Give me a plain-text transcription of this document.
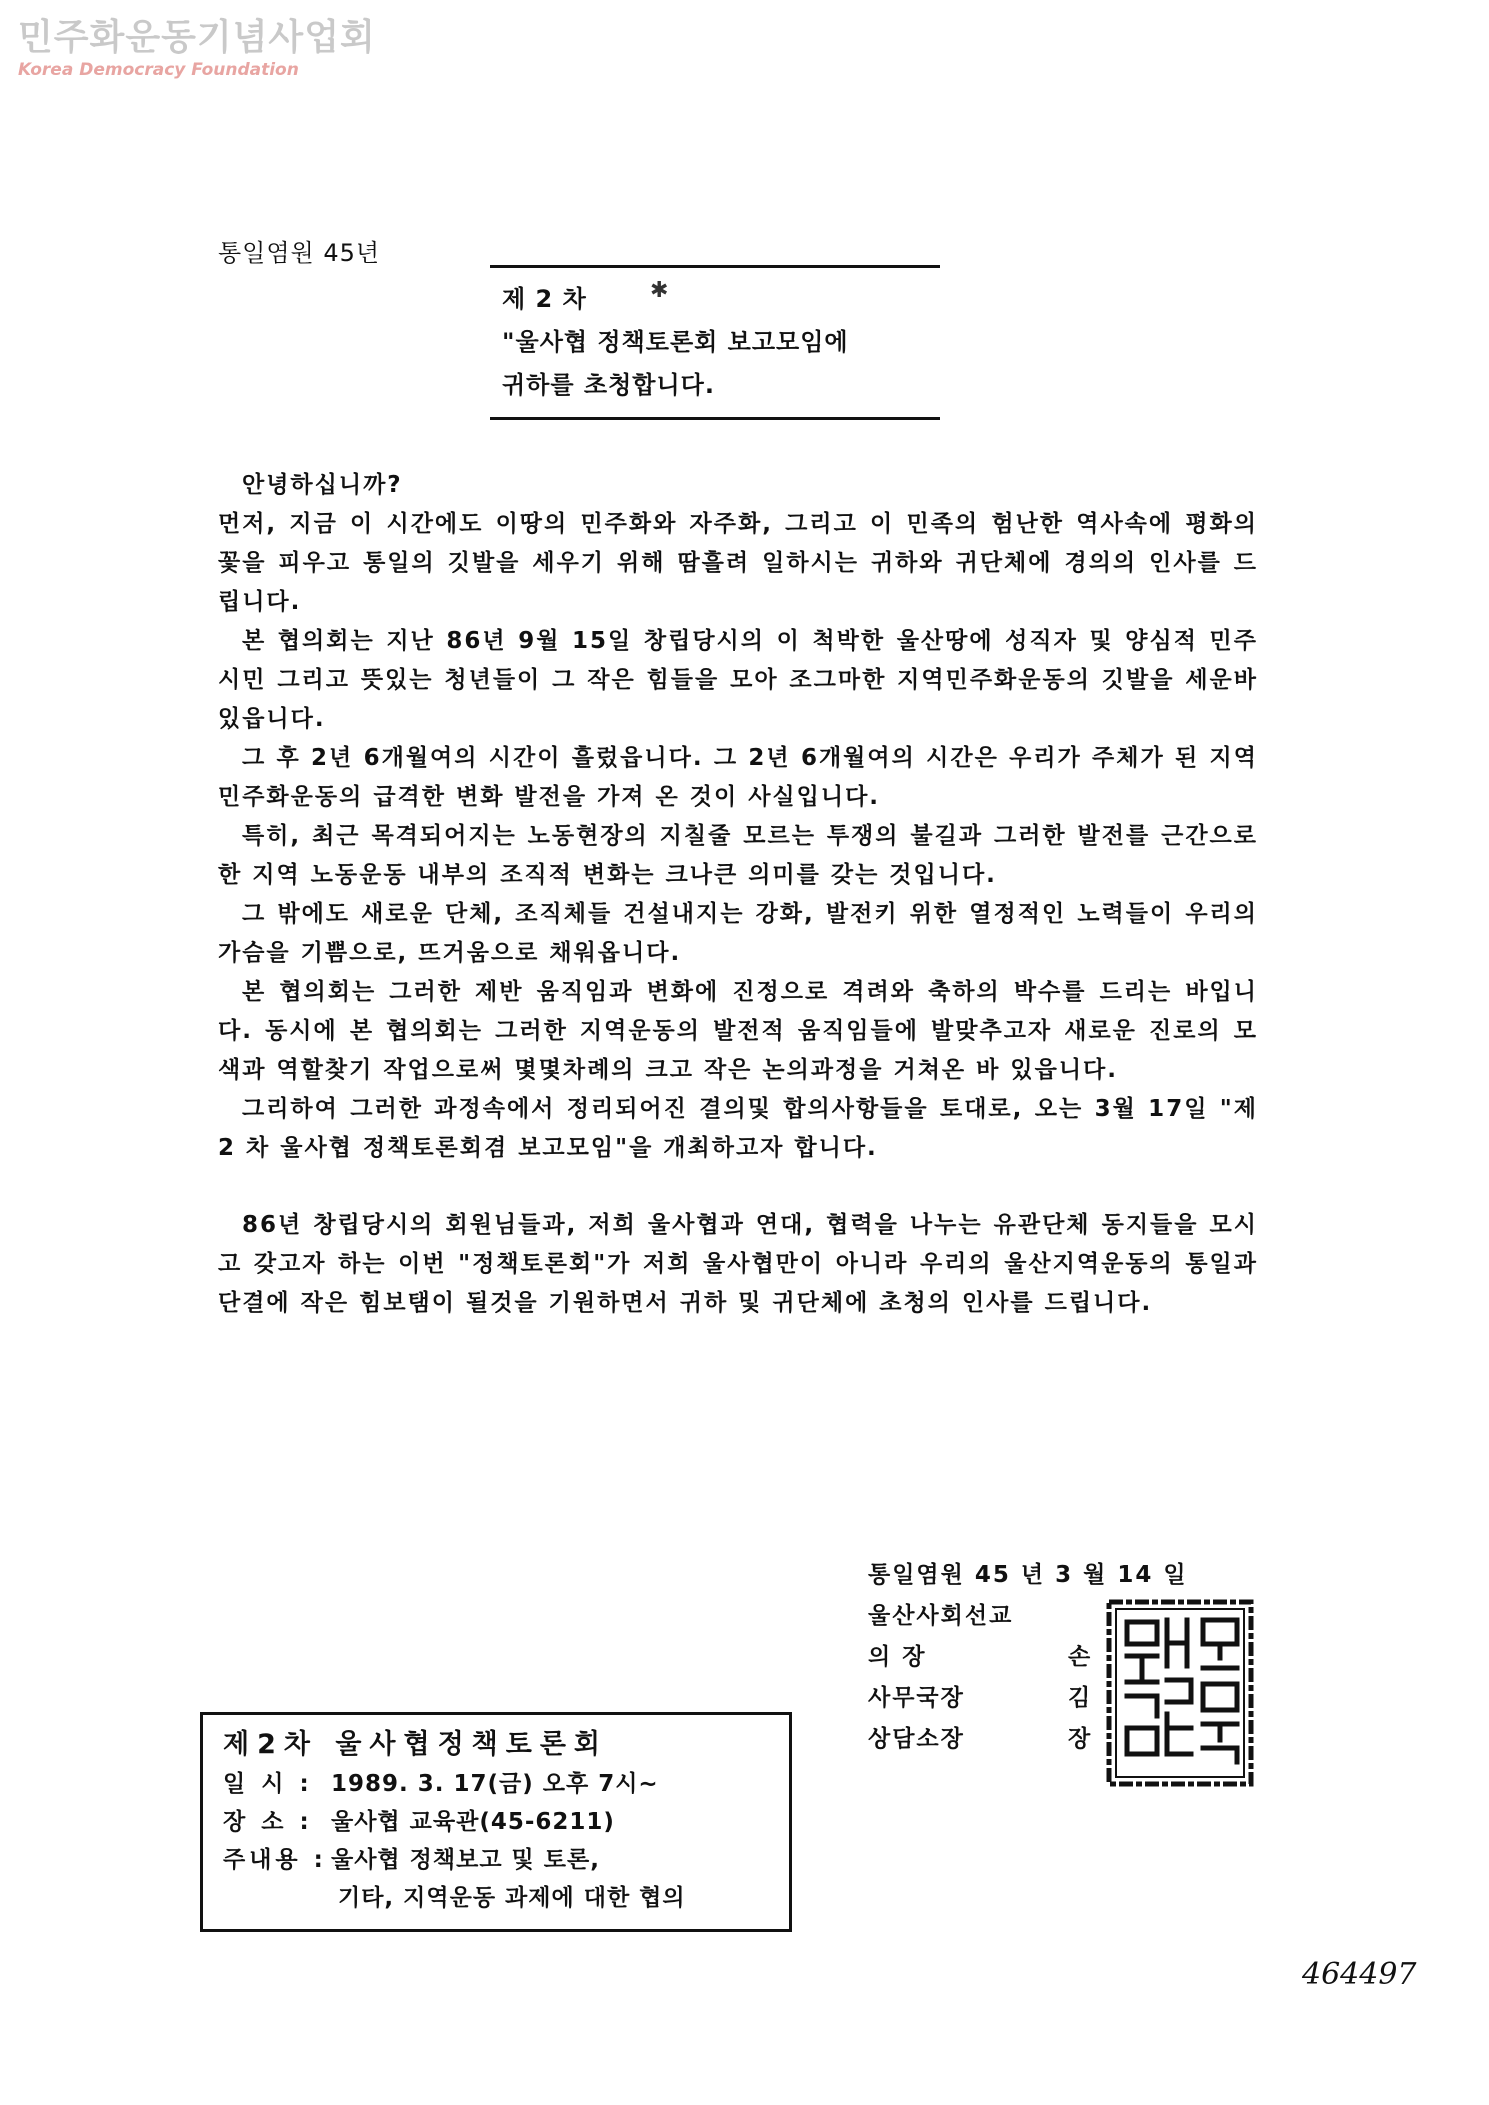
민주화운동기념사업회
Korea Democracy Foundation
통일염원 45년
제 2 차	✱
"울사협 정책토론회 보고모임에
귀하를 초청합니다.
안녕하십니까?
먼저, 지금 이 시간에도 이땅의 민주화와 자주화, 그리고 이 민족의 험난한 역사속에 평화의 꽃을 피우고 통일의 깃발을 세우기 위해 땀흘려 일하시는 귀하와 귀단체에 경의의 인사를 드립니다.
본 협의회는 지난 86년 9월 15일 창립당시의 이 척박한 울산땅에 성직자 및 양심적 민주시민 그리고 뜻있는 청년들이 그 작은 힘들을 모아 조그마한 지역민주화운동의 깃발을 세운바 있읍니다.
그 후 2년 6개월여의 시간이 흘렀읍니다. 그 2년 6개월여의 시간은 우리가 주체가 된 지역민주화운동의 급격한 변화 발전을 가져 온 것이 사실입니다.
특히, 최근 목격되어지는 노동현장의 지칠줄 모르는 투쟁의 불길과 그러한 발전를 근간으로 한 지역 노동운동 내부의 조직적 변화는 크나큰 의미를 갖는 것입니다.
그 밖에도 새로운 단체, 조직체들 건설내지는 강화, 발전키 위한 열정적인 노력들이 우리의 가슴을 기쁨으로, 뜨거움으로 채워옵니다.
본 협의회는 그러한 제반 움직임과 변화에 진정으로 격려와 축하의 박수를 드리는 바입니다. 동시에 본 협의회는 그러한 지역운동의 발전적 움직임들에 발맞추고자 새로운 진로의 모색과 역할찾기 작업으로써 몇몇차례의 크고 작은 논의과정을 거쳐온 바 있읍니다.
그리하여 그러한 과정속에서 정리되어진 결의및 합의사항들을 토대로, 오는 3월 17일 "제 2 차 울사협 정책토론회겸 보고모임"을 개최하고자 합니다.
86년 창립당시의 회원님들과, 저희 울사협과 연대, 협력을 나누는 유관단체 동지들을 모시고 갖고자 하는 이번 "정책토론회"가 저희 울사협만이 아니라 우리의 울산지역운동의 통일과 단결에 작은 힘보탬이 될것을 기원하면서 귀하 및 귀단체에 초청의 인사를 드립니다.
통일염원 45 년 3 월 14 일
울산사회선교
의 장	손
사무국장	김
상담소장	장
제2차 울사협정책토론회
일 시 : 1989. 3. 17(금) 오후 7시~
장 소 : 울사협 교육관(45-6211)
주내용 : 울사협 정책보고 및 토론,
기타, 지역운동 과제에 대한 협의
464497
